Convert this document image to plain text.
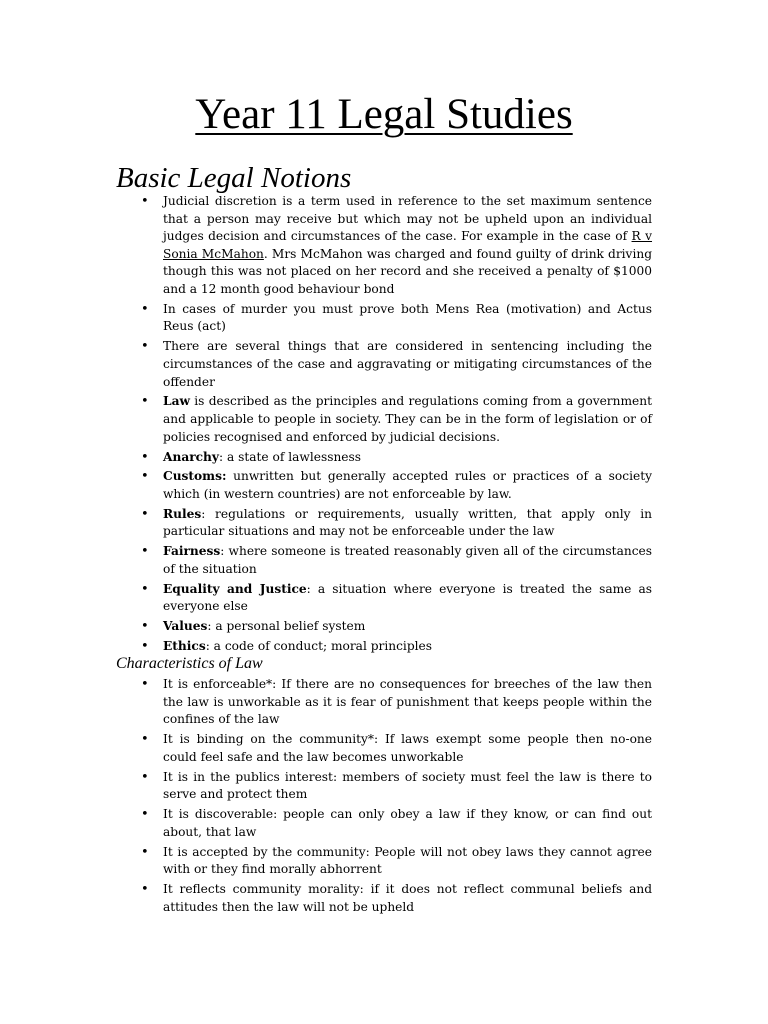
Year 11 Legal Studies
Basic Legal Notions
• Judicial discretion is a term used in reference to the set maximum sentence that a person may receive but which may not be upheld upon an individual judges decision and circumstances of the case. For example in the case of R v Sonia McMahon. Mrs McMahon was charged and found guilty of drink driving though this was not placed on her record and she received a penalty of $1000 and a 12 month good behaviour bond
• In cases of murder you must prove both Mens Rea (motivation) and Actus Reus (act)
• There are several things that are considered in sentencing including the circumstances of the case and aggravating or mitigating circumstances of the offender
• Law is described as the principles and regulations coming from a government and applicable to people in society. They can be in the form of legislation or of policies recognised and enforced by judicial decisions.
• Anarchy: a state of lawlessness
• Customs: unwritten but generally accepted rules or practices of a society which (in western countries) are not enforceable by law.
• Rules: regulations or requirements, usually written, that apply only in particular situations and may not be enforceable under the law
• Fairness: where someone is treated reasonably given all of the circumstances of the situation
• Equality and Justice: a situation where everyone is treated the same as everyone else
• Values: a personal belief system
• Ethics: a code of conduct; moral principles
Characteristics of Law
• It is enforceable*: If there are no consequences for breeches of the law then the law is unworkable as it is fear of punishment that keeps people within the confines of the law
• It is binding on the community*: If laws exempt some people then no-one could feel safe and the law becomes unworkable
• It is in the publics interest: members of society must feel the law is there to serve and protect them
• It is discoverable: people can only obey a law if they know, or can find out about, that law
• It is accepted by the community: People will not obey laws they cannot agree with or they find morally abhorrent
• It reflects community morality: if it does not reflect communal beliefs and attitudes then the law will not be upheld
